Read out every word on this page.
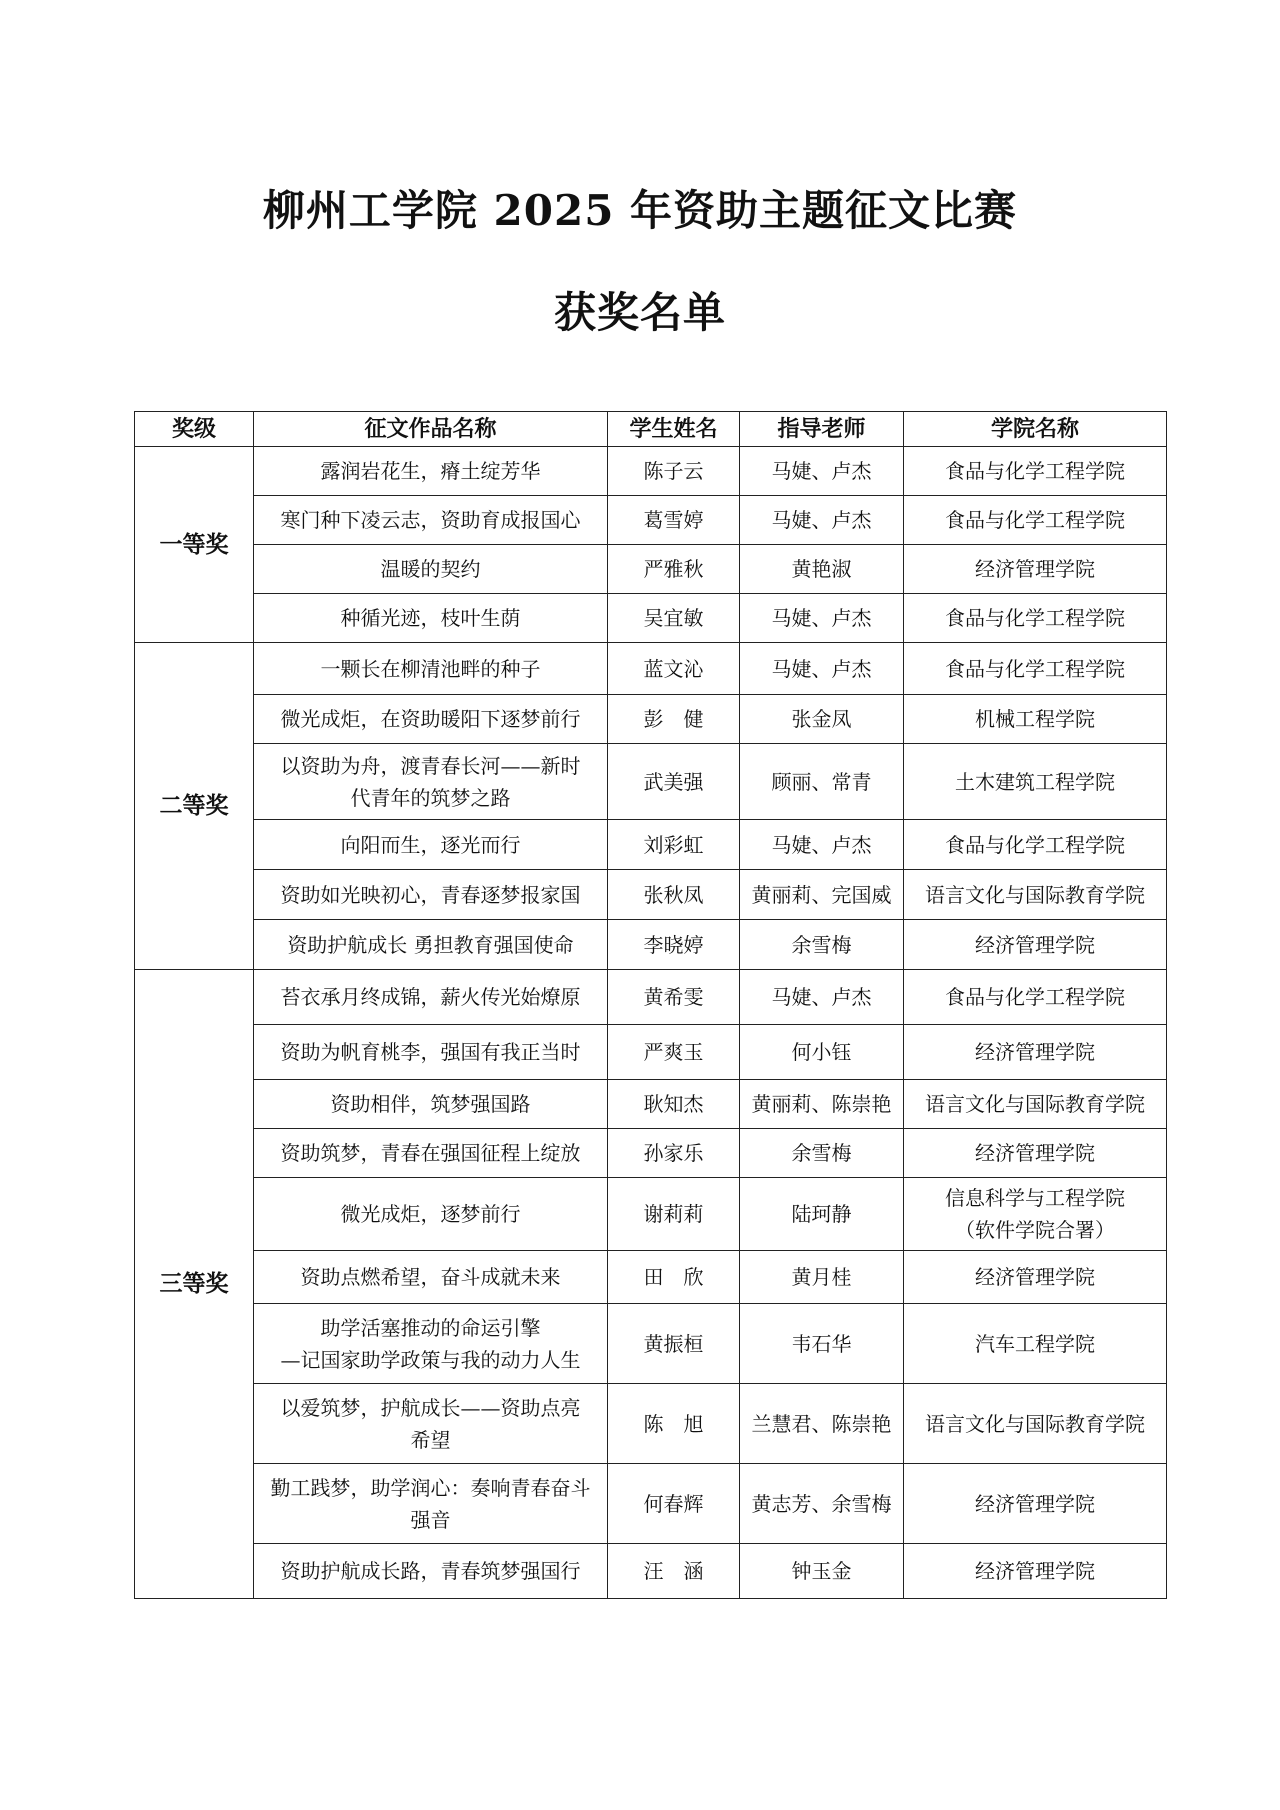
柳州工学院 2025 年资助主题征文比赛
获奖名单
奖级	征文作品名称	学生姓名	指导老师	学院名称
一等奖	露润岩花生，瘠土绽芳华	陈子云	马婕、卢杰	食品与化学工程学院

	寒门种下凌云志，资助育成报国心	葛雪婷	马婕、卢杰	食品与化学工程学院

	温暖的契约	严雅秋	黄艳淑	经济管理学院

	种循光迹，枝叶生荫	吴宜敏	马婕、卢杰	食品与化学工程学院

二等奖	一颗长在柳清池畔的种子	蓝文沁	马婕、卢杰	食品与化学工程学院

	微光成炬，在资助暖阳下逐梦前行	彭　健	张金凤	机械工程学院

	以资助为舟，渡青春长河——新时
代青年的筑梦之路	武美强	顾丽、常青	土木建筑工程学院

	向阳而生，逐光而行	刘彩虹	马婕、卢杰	食品与化学工程学院

	资助如光映初心，青春逐梦报家国	张秋凤	黄丽莉、完国威	语言文化与国际教育学院

	资助护航成长 勇担教育强国使命	李晓婷	余雪梅	经济管理学院

三等奖	苔衣承月终成锦，薪火传光始燎原	黄希雯	马婕、卢杰	食品与化学工程学院

	资助为帆育桃李，强国有我正当时	严爽玉	何小钰	经济管理学院

	资助相伴，筑梦强国路	耿知杰	黄丽莉、陈崇艳	语言文化与国际教育学院

	资助筑梦，青春在强国征程上绽放	孙家乐	余雪梅	经济管理学院

	微光成炬，逐梦前行	谢莉莉	陆珂静	信息科学与工程学院
（软件学院合署）

	资助点燃希望，奋斗成就未来	田　欣	黄月桂	经济管理学院

	助学活塞推动的命运引擎
—记国家助学政策与我的动力人生	黄振桓	韦石华	汽车工程学院

	以爱筑梦，护航成长——资助点亮
希望	陈　旭	兰慧君、陈崇艳	语言文化与国际教育学院

	勤工践梦，助学润心：奏响青春奋斗
强音	何春辉	黄志芳、余雪梅	经济管理学院

	资助护航成长路，青春筑梦强国行	汪　涵	钟玉金	经济管理学院
